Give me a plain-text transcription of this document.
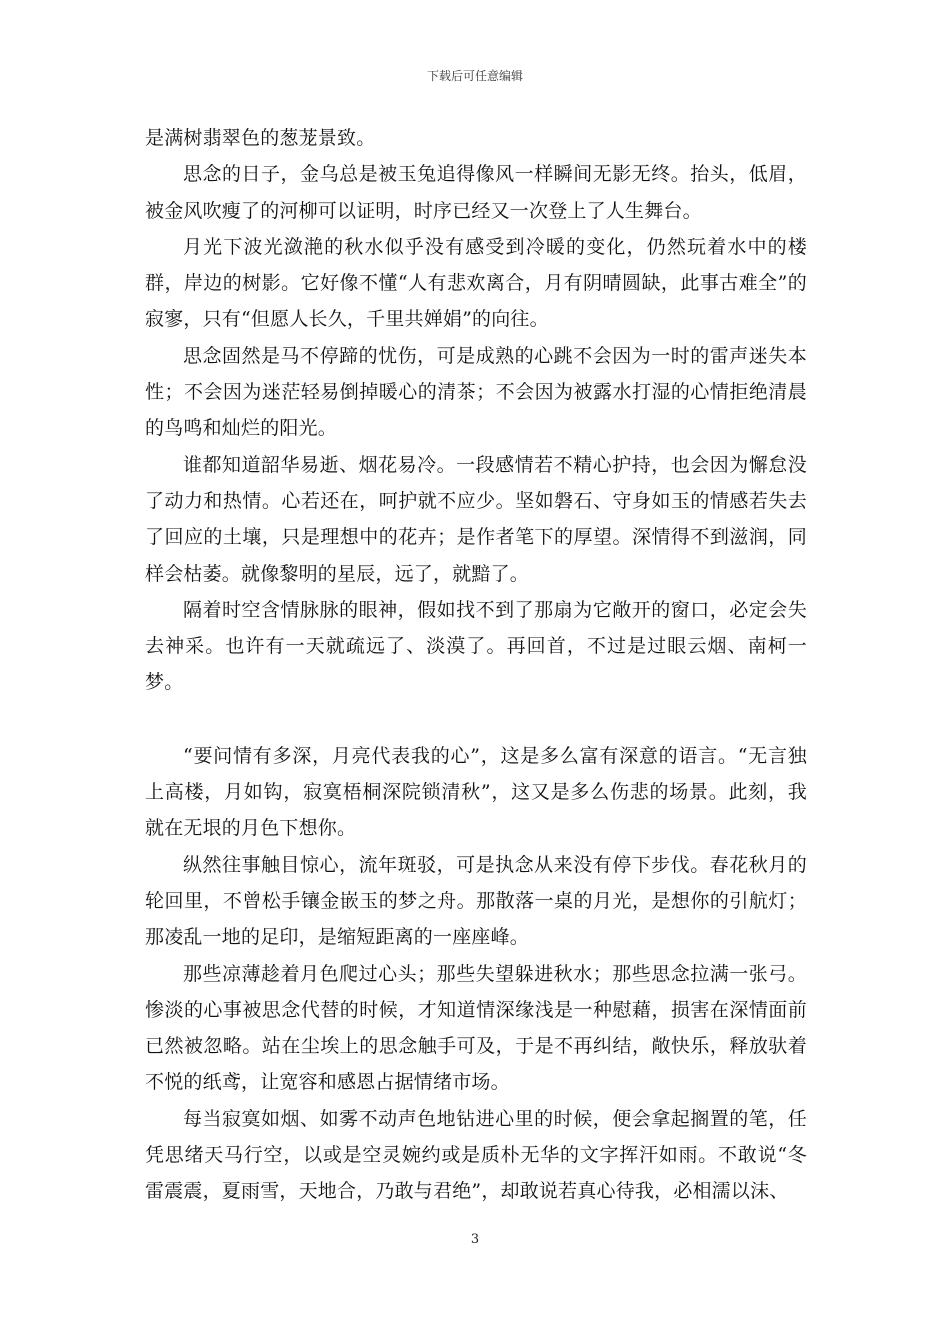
下载后可任意编辑

是满树翡翠色的葱茏景致。

思念的日子，金乌总是被玉兔追得像风一样瞬间无影无终。抬头，低眉，被金风吹瘦了的河柳可以证明，时序已经又一次登上了人生舞台。

月光下波光潋滟的秋水似乎没有感受到冷暖的变化，仍然玩着水中的楼群，岸边的树影。它好像不懂“人有悲欢离合，月有阴晴圆缺，此事古难全”的寂寥，只有“但愿人长久，千里共婵娟”的向往。

思念固然是马不停蹄的忧伤，可是成熟的心跳不会因为一时的雷声迷失本性；不会因为迷茫轻易倒掉暖心的清茶；不会因为被露水打湿的心情拒绝清晨的鸟鸣和灿烂的阳光。

谁都知道韶华易逝、烟花易冷。一段感情若不精心护持，也会因为懈怠没了动力和热情。心若还在，呵护就不应少。坚如磐石、守身如玉的情感若失去了回应的土壤，只是理想中的花卉；是作者笔下的厚望。深情得不到滋润，同样会枯萎。就像黎明的星辰，远了，就黯了。

隔着时空含情脉脉的眼神，假如找不到了那扇为它敞开的窗口，必定会失去神采。也许有一天就疏远了、淡漠了。再回首，不过是过眼云烟、南柯一梦。

“要问情有多深，月亮代表我的心”，这是多么富有深意的语言。“无言独上高楼，月如钩，寂寞梧桐深院锁清秋”，这又是多么伤悲的场景。此刻，我就在无垠的月色下想你。

纵然往事触目惊心，流年斑驳，可是执念从来没有停下步伐。春花秋月的轮回里，不曾松手镶金嵌玉的梦之舟。那散落一桌的月光，是想你的引航灯；那凌乱一地的足印，是缩短距离的一座座峰。

那些凉薄趁着月色爬过心头；那些失望躲进秋水；那些思念拉满一张弓。惨淡的心事被思念代替的时候，才知道情深缘浅是一种慰藉，损害在深情面前已然被忽略。站在尘埃上的思念触手可及，于是不再纠结，敞快乐，释放驮着不悦的纸鸢，让宽容和感恩占据情绪市场。

每当寂寞如烟、如雾不动声色地钻进心里的时候，便会拿起搁置的笔，任凭思绪天马行空，以或是空灵婉约或是质朴无华的文字挥汗如雨。不敢说“冬雷震震，夏雨雪，天地合，乃敢与君绝”，却敢说若真心待我，必相濡以沫、

3
